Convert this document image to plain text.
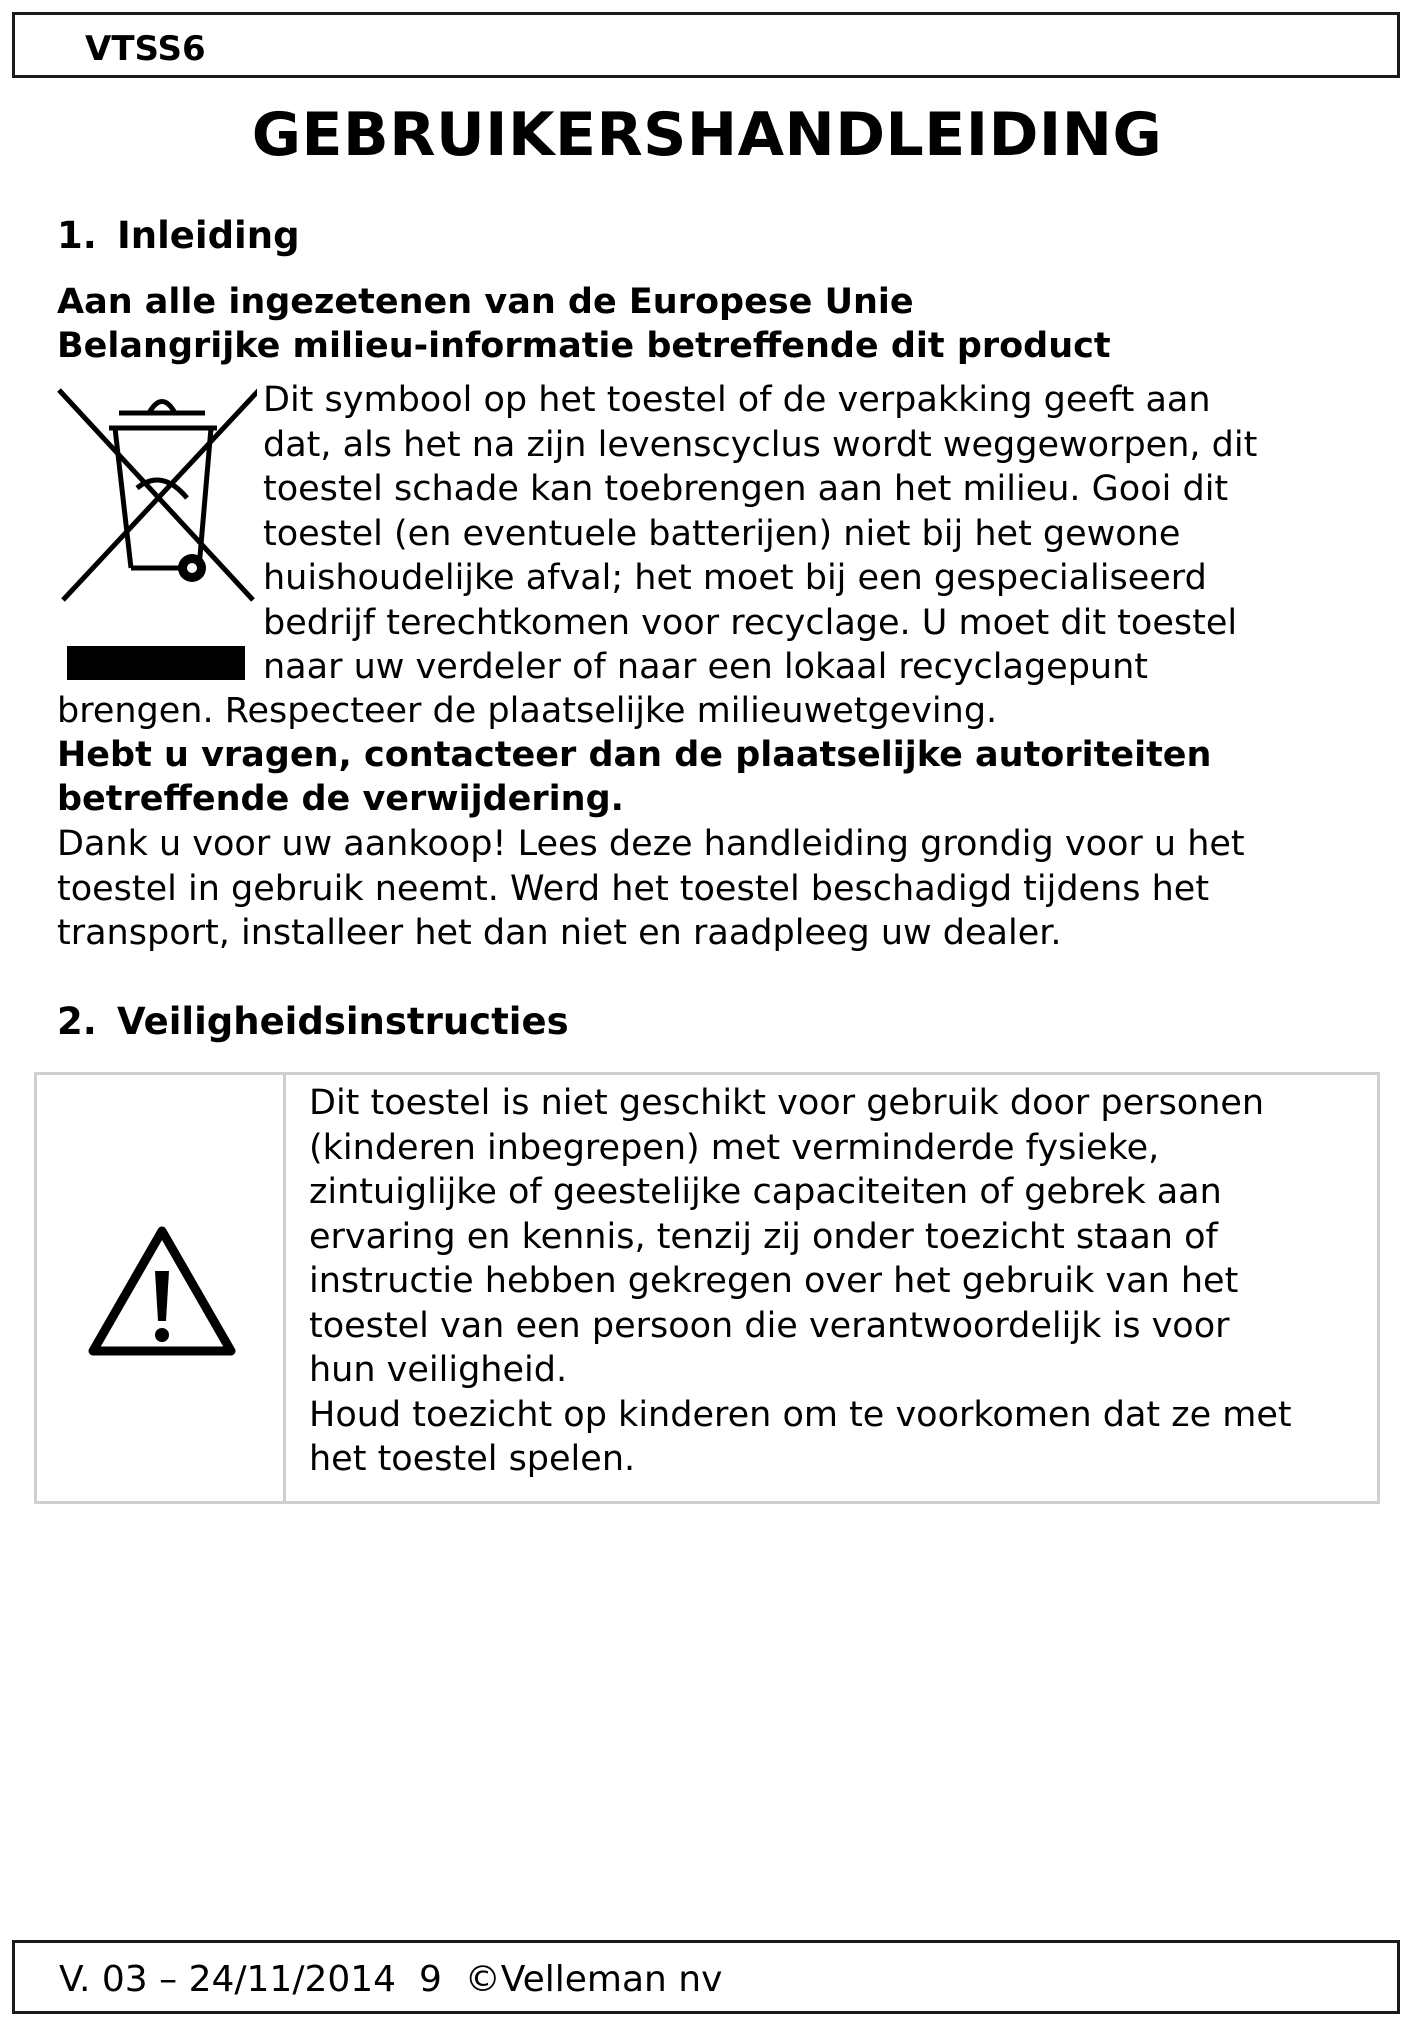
VTSS6
GEBRUIKERSHANDLEIDING
1. Inleiding
Aan alle ingezetenen van de Europese Unie
Belangrijke milieu-informatie betreffende dit product
Dit symbool op het toestel of de verpakking geeft aan
dat, als het na zijn levenscyclus wordt weggeworpen, dit
toestel schade kan toebrengen aan het milieu. Gooi dit
toestel (en eventuele batterijen) niet bij het gewone
huishoudelijke afval; het moet bij een gespecialiseerd
bedrijf terechtkomen voor recyclage. U moet dit toestel
naar uw verdeler of naar een lokaal recyclagepunt
brengen. Respecteer de plaatselijke milieuwetgeving.
Hebt u vragen, contacteer dan de plaatselijke autoriteiten
betreffende de verwijdering.
Dank u voor uw aankoop! Lees deze handleiding grondig voor u het
toestel in gebruik neemt. Werd het toestel beschadigd tijdens het
transport, installeer het dan niet en raadpleeg uw dealer.
2. Veiligheidsinstructies
Dit toestel is niet geschikt voor gebruik door personen
(kinderen inbegrepen) met verminderde fysieke,
zintuiglijke of geestelijke capaciteiten of gebrek aan
ervaring en kennis, tenzij zij onder toezicht staan of
instructie hebben gekregen over het gebruik van het
toestel van een persoon die verantwoordelijk is voor
hun veiligheid.
Houd toezicht op kinderen om te voorkomen dat ze met
het toestel spelen.
V. 03 – 24/11/2014 9 ©Velleman nv
